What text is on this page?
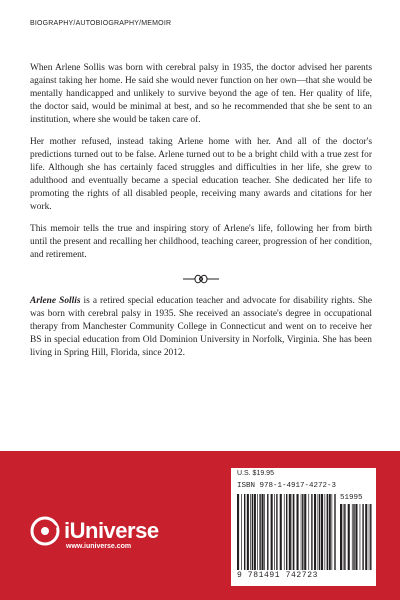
BIOGRAPHY/AUTOBIOGRAPHY/MEMOIR

When Arlene Sollis was born with cerebral palsy in 1935, the doctor advised her parents against taking her home. He said she would never function on her own—that she would be mentally handicapped and unlikely to survive beyond the age of ten. Her quality of life, the doctor said, would be minimal at best, and so he recommended that she be sent to an institution, where she would be taken care of.

Her mother refused, instead taking Arlene home with her. And all of the doctor's predictions turned out to be false. Arlene turned out to be a bright child with a true zest for life. Although she has certainly faced struggles and difficulties in her life, she grew to adulthood and eventually became a special education teacher. She dedicated her life to promoting the rights of all disabled people, receiving many awards and citations for her work.

This memoir tells the true and inspiring story of Arlene's life, following her from birth until the present and recalling her childhood, teaching career, progression of her condition, and retirement.

Arlene Sollis is a retired special education teacher and advocate for disability rights. She was born with cerebral palsy in 1935. She received an associate's degree in occupational therapy from Manchester Community College in Connecticut and went on to receive her BS in special education from Old Dominion University in Norfolk, Virginia. She has been living in Spring Hill, Florida, since 2012.

iUniverse
www.iuniverse.com
U.S. $19.95
ISBN 978-1-4917-4272-3
51995
9 781491 742723
